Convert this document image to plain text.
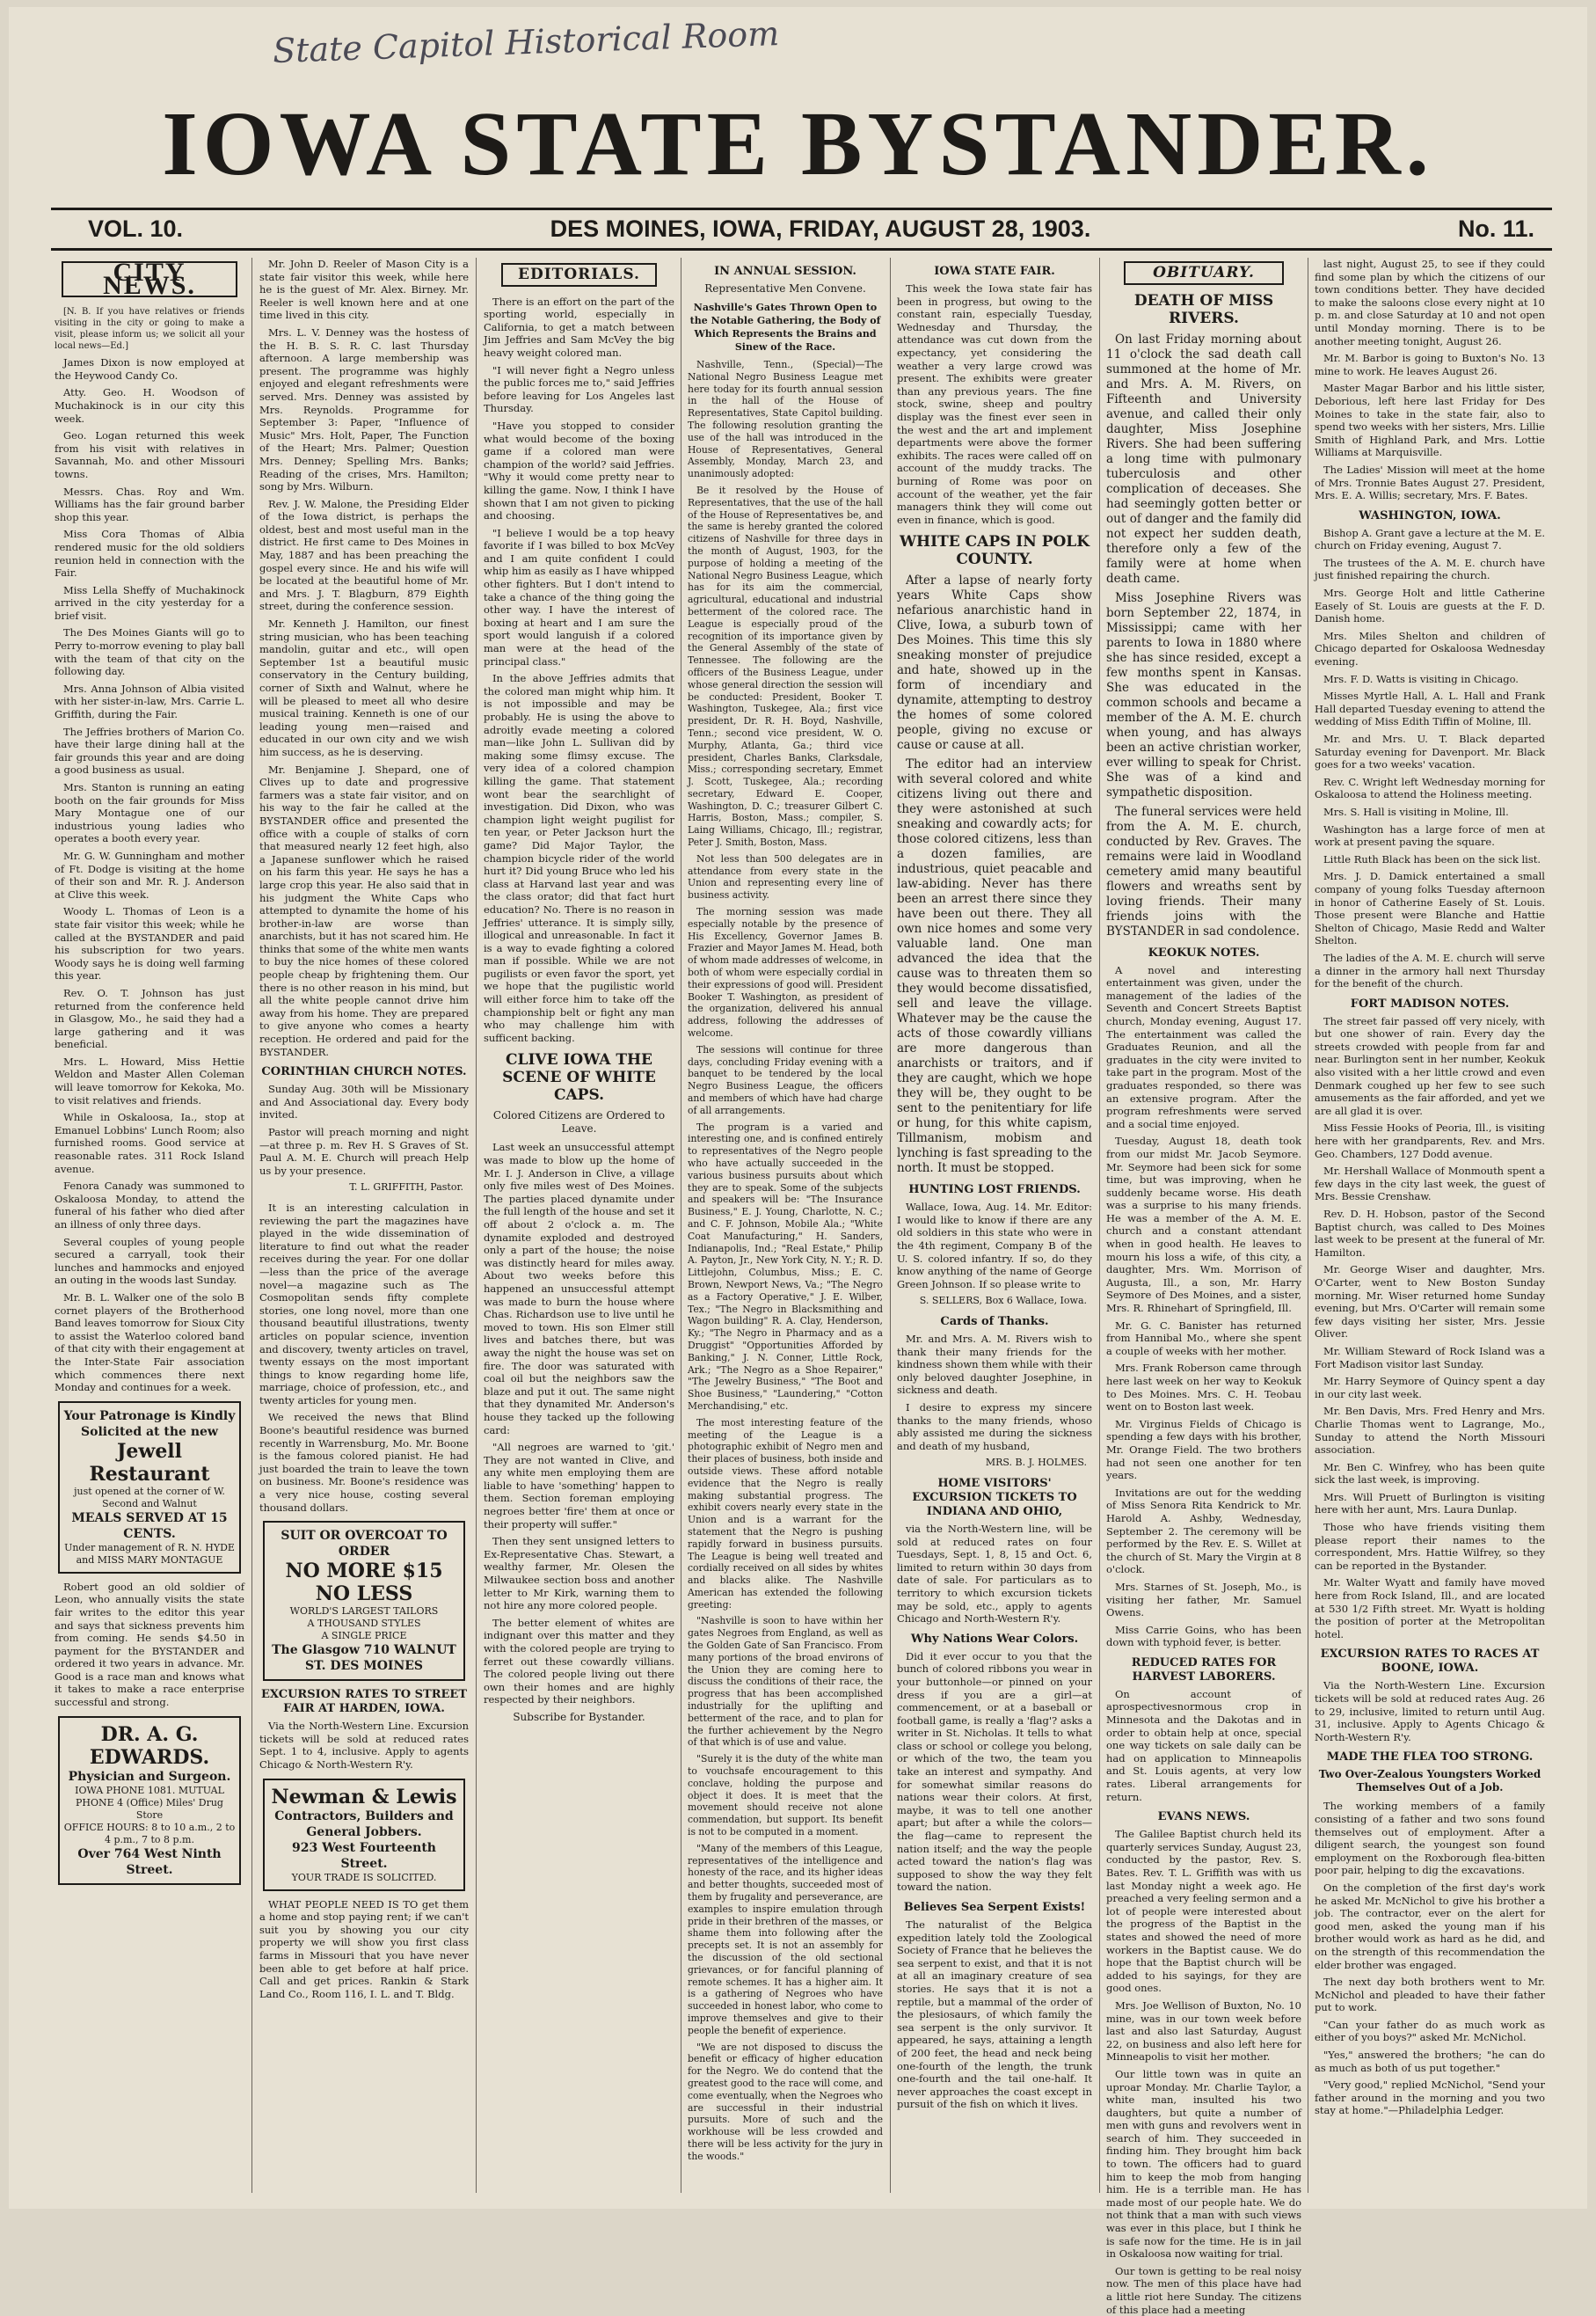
State Capitol Historical Room
IOWA STATE BYSTANDER.
VOL. 10.	DES MOINES, IOWA, FRIDAY, AUGUST 28, 1903.	No. 11.
CITY NEWS.

[N. B. If you have relatives or friends visiting in the city or going to make a visit, please inform us; we solicit all your local news—Ed.]

James Dixon is now employed at the Heywood Candy Co.

Atty. Geo. H. Woodson of Muchakinock is in our city this week.

Geo. Logan returned this week from his visit with relatives in Savannah, Mo. and other Missouri towns.

Messrs. Chas. Roy and Wm. Williams has the fair ground barber shop this year.

Miss Cora Thomas of Albia rendered music for the old soldiers reunion held in connection with the Fair.

Miss Lella Sheffy of Muchakinock arrived in the city yesterday for a brief visit.

The Des Moines Giants will go to Perry to-morrow evening to play ball with the team of that city on the following day.

Mrs. Anna Johnson of Albia visited with her sister-in-law, Mrs. Carrie L. Griffith, during the Fair.

The Jeffries brothers of Marion Co. have their large dining hall at the fair grounds this year and are doing a good business as usual.

Mrs. Stanton is running an eating booth on the fair grounds for Miss Mary Montague one of our industrious young ladies who operates a booth every year.

Mr. G. W. Gunningham and mother of Ft. Dodge is visiting at the home of their son and Mr. R. J. Anderson at Clive this week.

Woody L. Thomas of Leon is a state fair visitor this week; while he called at the BYSTANDER and paid his subscription for two years. Woody says he is doing well farming this year.

Rev. O. T. Johnson has just returned from the conference held in Glasgow, Mo., he said they had a large gathering and it was beneficial.

Mrs. L. Howard, Miss Hettie Weldon and Master Allen Coleman will leave tomorrow for Kekoka, Mo. to visit relatives and friends.

While in Oskaloosa, Ia., stop at Emanuel Lobbins' Lunch Room; also furnished rooms. Good service at reasonable rates. 311 Rock Island avenue.

Fenora Canady was summoned to Oskaloosa Monday, to attend the funeral of his father who died after an illness of only three days.

Several couples of young people secured a carryall, took their lunches and hammocks and enjoyed an outing in the woods last Sunday.

Mr. B. L. Walker one of the solo B cornet players of the Brotherhood Band leaves tomorrow for Sioux City to assist the Waterloo colored band of that city with their engagement at the Inter-State Fair association which commences there next Monday and continues for a week.

Your Patronage is Kindly Solicited at the new
Jewell Restaurant
just opened at the corner of W. Second and Walnut
MEALS SERVED AT 15 CENTS.
Under management of R. N. HYDE and MISS MARY MONTAGUE

Robert good an old soldier of Leon, who annually visits the state fair writes to the editor this year and says that sickness prevents him from coming. He sends $4.50 in payment for the BYSTANDER and ordered it two years in advance. Mr. Good is a race man and knows what it takes to make a race enterprise successful and strong.

DR. A. G. EDWARDS.
Physician and Surgeon.
IOWA PHONE 1081. MUTUAL PHONE 4 (Office) Miles' Drug Store
OFFICE HOURS: 8 to 10 a.m., 2 to 4 p.m., 7 to 8 p.m.
Over 764 West Ninth Street.

Mr. John D. Reeler of Mason City is a state fair visitor this week, while here he is the guest of Mr. Alex. Birney. Mr. Reeler is well known here and at one time lived in this city.

Mrs. L. V. Denney was the hostess of the H. B. S. R. C. last Thursday afternoon. A large membership was present. The programme was highly enjoyed and elegant refreshments were served. Mrs. Denney was assisted by Mrs. Reynolds. Programme for September 3: Paper, "Influence of Music" Mrs. Holt, Paper, The Function of the Heart; Mrs. Palmer; Question Mrs. Denney; Spelling Mrs. Banks; Reading of the crises, Mrs. Hamilton; song by Mrs. Wilburn.

Rev. J. W. Malone, the Presiding Elder of the Iowa district, is perhaps the oldest, best and most useful man in the district. He first came to Des Moines in May, 1887 and has been preaching the gospel every since. He and his wife will be located at the beautiful home of Mr. and Mrs. J. T. Blagburn, 879 Eighth street, during the conference session.

Mr. Kenneth J. Hamilton, our finest string musician, who has been teaching mandolin, guitar and etc., will open September 1st a beautiful music conservatory in the Century building, corner of Sixth and Walnut, where he will be pleased to meet all who desire musical training. Kenneth is one of our leading young men—raised and educated in our own city and we wish him success, as he is deserving.

Mr. Benjamine J. Shepard, one of Clives up to date and progressive farmers was a state fair visitor, and on his way to the fair he called at the BYSTANDER office and presented the office with a couple of stalks of corn that measured nearly 12 feet high, also a Japanese sunflower which he raised on his farm this year. He says he has a large crop this year. He also said that in his judgment the White Caps who attempted to dynamite the home of his brother-in-law are worse than anarchists, but it has not scared him. He thinks that some of the white men wants to buy the nice homes of these colored people cheap by frightening them. Our there is no other reason in his mind, but all the white people cannot drive him away from his home. They are prepared to give anyone who comes a hearty reception. He ordered and paid for the BYSTANDER.

CORINTHIAN CHURCH NOTES.

Sunday Aug. 30th will be Missionary and And Associational day. Every body invited.

Pastor will preach morning and night—at three p. m. Rev H. S Graves of St. Paul A. M. E. Church will preach Help us by your presence.

T. L. GRIFFITH, Pastor.

It is an interesting calculation in reviewing the part the magazines have played in the wide dissemination of literature to find out what the reader receives during the year. For one dollar—less than the price of the average novel—a magazine such as The Cosmopolitan sends fifty complete stories, one long novel, more than one thousand beautiful illustrations, twenty articles on popular science, invention and discovery, twenty articles on travel, twenty essays on the most important things to know regarding home life, marriage, choice of profession, etc., and twenty articles for young men.

We received the news that Blind Boone's beautiful residence was burned recently in Warrensburg, Mo. Mr. Boone is the famous colored pianist. He had just boarded the train to leave the town on business. Mr. Boone's residence was a very nice house, costing several thousand dollars.

SUIT OR OVERCOAT TO ORDER
NO MORE $15 NO LESS
WORLD'S LARGEST TAILORS
A THOUSAND STYLES
A SINGLE PRICE
The Glasgow 710 WALNUT ST. DES MOINES
EXCURSION RATES TO STREET FAIR AT HARDEN, IOWA.

Via the North-Western Line. Excursion tickets will be sold at reduced rates Sept. 1 to 4, inclusive. Apply to agents Chicago & North-Western R'y.

Newman & Lewis
Contractors, Builders and General Jobbers.
923 West Fourteenth Street.
YOUR TRADE IS SOLICITED.

WHAT PEOPLE NEED IS TO get them a home and stop paying rent; if we can't suit you by showing you our city property we will show you first class farms in Missouri that you have never been able to get before at half price. Call and get prices. Rankin & Stark Land Co., Room 116, I. L. and T. Bldg.

EDITORIALS.

There is an effort on the part of the sporting world, especially in California, to get a match between Jim Jeffries and Sam McVey the big heavy weight colored man.

"I will never fight a Negro unless the public forces me to," said Jeffries before leaving for Los Angeles last Thursday.

"Have you stopped to consider what would become of the boxing game if a colored man were champion of the world? said Jeffries. "Why it would come pretty near to killing the game. Now, I think I have shown that I am not given to picking and choosing.

"I believe I would be a top heavy favorite if I was billed to box McVey and I am quite confident I could whip him as easily as I have whipped other fighters. But I don't intend to take a chance of the thing going the other way. I have the interest of boxing at heart and I am sure the sport would languish if a colored man were at the head of the principal class."

In the above Jeffries admits that the colored man might whip him. It is not impossible and may be probably. He is using the above to adroitly evade meeting a colored man—like John L. Sullivan did by making some flimsy excuse. The very idea of a colored champion killing the game. That statement wont bear the searchlight of investigation. Did Dixon, who was champion light weight pugilist for ten year, or Peter Jackson hurt the game? Did Major Taylor, the champion bicycle rider of the world hurt it? Did young Bruce who led his class at Harvand last year and was the class orator; did that fact hurt education? No. There is no reason in Jeffries' utterance. It is simply silly, illogical and unreasonable. In fact it is a way to evade fighting a colored man if possible. While we are not pugilists or even favor the sport, yet we hope that the pugilistic world will either force him to take off the championship belt or fight any man who may challenge him with sufficent backing.

CLIVE IOWA THE SCENE OF WHITE CAPS.
Colored Citizens are Ordered to Leave.

Last week an unsuccessful attempt was made to blow up the home of Mr. I. J. Anderson in Clive, a village only five miles west of Des Moines. The parties placed dynamite under the full length of the house and set it off about 2 o'clock a. m. The dynamite exploded and destroyed only a part of the house; the noise was distinctly heard for miles away. About two weeks before this happened an unsuccessful attempt was made to burn the house where Chas. Richardson use to live until he moved to town. His son Elmer still lives and batches there, but was away the night the house was set on fire. The door was saturated with coal oil but the neighbors saw the blaze and put it out. The same night that they dynamited Mr. Anderson's house they tacked up the following card:

"All negroes are warned to 'git.' They are not wanted in Clive, and any white men employing them are liable to have 'something' happen to them. Section foreman employing negroes better 'fire' them at once or their property will suffer."

Then they sent unsigned letters to Ex-Representative Chas. Stewart, a wealthy farmer, Mr. Olesen the Milwaukee section boss and another letter to Mr Kirk, warning them to not hire any more colored people.

The better element of whites are indignant over this matter and they with the colored people are trying to ferret out these cowardly villians. The colored people living out there own their homes and are highly respected by their neighbors.

Subscribe for Bystander.
IN ANNUAL SESSION.
Representative Men Convene.
Nashville's Gates Thrown Open to the Notable Gathering, the Body of Which Represents the Brains and Sinew of the Race.

Nashville, Tenn., (Special)—The National Negro Business League met here today for its fourth annual session in the hall of the House of Representatives, State Capitol building. The following resolution granting the use of the hall was introduced in the House of Representatives, General Assembly, Monday, March 23, and unanimously adopted:

Be it resolved by the House of Representatives, that the use of the hall of the House of Representatives be, and the same is hereby granted the colored citizens of Nashville for three days in the month of August, 1903, for the purpose of holding a meeting of the National Negro Business League, which has for its aim the commercial, agricultural, educational and industrial betterment of the colored race. The League is especially proud of the recognition of its importance given by the General Assembly of the state of Tennessee. The following are the officers of the Business League, under whose general direction the session will be conducted: President, Booker T. Washington, Tuskegee, Ala.; first vice president, Dr. R. H. Boyd, Nashville, Tenn.; second vice president, W. O. Murphy, Atlanta, Ga.; third vice president, Charles Banks, Clarksdale, Miss.; corresponding secretary, Emmet J. Scott, Tuskegee, Ala.; recording secretary, Edward E. Cooper, Washington, D. C.; treasurer Gilbert C. Harris, Boston, Mass.; compiler, S. Laing Williams, Chicago, Ill.; registrar, Peter J. Smith, Boston, Mass.

Not less than 500 delegates are in attendance from every state in the Union and representing every line of business activity.

The morning session was made especially notable by the presence of His Excellency, Governor James B. Frazier and Mayor James M. Head, both of whom made addresses of welcome, in both of whom were especially cordial in their expressions of good will. President Booker T. Washington, as president of the organization, delivered his annual address, following the addresses of welcome.

The sessions will continue for three days, concluding Friday evening with a banquet to be tendered by the local Negro Business League, the officers and members of which have had charge of all arrangements.

The program is a varied and interesting one, and is confined entirely to representatives of the Negro people who have actually succeeded in the various business pursuits about which they are to speak. Some of the subjects and speakers will be: "The Insurance Business," E. J. Young, Charlotte, N. C.; and C. F. Johnson, Mobile Ala.; "White Coat Manufacturing," H. Sanders, Indianapolis, Ind.; "Real Estate," Philip A. Payton, Jr., New York City, N. Y.; R. D. Littlejohn, Columbus, Miss.; E. C. Brown, Newport News, Va.; "The Negro as a Factory Operative," J. E. Wilber, Tex.; "The Negro in Blacksmithing and Wagon building" R. A. Clay, Henderson, Ky.; "The Negro in Pharmacy and as a Druggist" "Opportunities Afforded by Banking," J. N. Conner, Little Rock, Ark.; "The Negro as a Shoe Repairer," "The Jewelry Business," "The Boot and Shoe Business," "Laundering," "Cotton Merchandising," etc.

The most interesting feature of the meeting of the League is a photographic exhibit of Negro men and their places of business, both inside and outside views. These afford notable evidence that the Negro is really making substantial progress. The exhibit covers nearly every state in the Union and is a warrant for the statement that the Negro is pushing rapidly forward in business pursuits. The League is being well treated and cordially received on all sides by whites and blacks alike. The Nashville American has extended the following greeting:

"Nashville is soon to have within her gates Negroes from England, as well as the Golden Gate of San Francisco. From many portions of the broad environs of the Union they are coming here to discuss the conditions of their race, the progress that has been accomplished industrially for the uplifting and betterment of the race, and to plan for the further achievement by the Negro of that which is of use and value.

"Surely it is the duty of the white man to vouchsafe encouragement to this conclave, holding the purpose and object it does. It is meet that the movement should receive not alone commendation, but support. Its benefit is not to be computed in a moment.

"Many of the members of this League, representatives of the intelligence and honesty of the race, and its higher ideas and better thoughts, succeeded most of them by frugality and perseverance, are examples to inspire emulation through pride in their brethren of the masses, or shame them into following after the precepts set. It is not an assembly for the discussion of the old sectional grievances, or for fanciful planning of remote schemes. It has a higher aim. It is a gathering of Negroes who have succeeded in honest labor, who come to improve themselves and give to their people the benefit of experience.

"We are not disposed to discuss the benefit or efficacy of higher education for the Negro. We do contend that the greatest good to the race will come, and come eventually, when the Negroes who are successful in their industrial pursuits. More of such and the workhouse will be less crowded and there will be less activity for the jury in the woods."

IOWA STATE FAIR.

This week the Iowa state fair has been in progress, but owing to the constant rain, especially Tuesday, Wednesday and Thursday, the attendance was cut down from the expectancy, yet considering the weather a very large crowd was present. The exhibits were greater than any previous years. The fine stock, swine, sheep and poultry display was the finest ever seen in the west and the art and implement departments were above the former exhibits. The races were called off on account of the muddy tracks. The burning of Rome was poor on account of the weather, yet the fair managers think they will come out even in finance, which is good.

WHITE CAPS IN POLK COUNTY.

After a lapse of nearly forty years White Caps show nefarious anarchistic hand in Clive, Iowa, a suburb town of Des Moines. This time this sly sneaking monster of prejudice and hate, showed up in the form of incendiary and dynamite, attempting to destroy the homes of some colored people, giving no excuse or cause or cause at all.

The editor had an interview with several colored and white citizens living out there and they were astonished at such sneaking and cowardly acts; for those colored citizens, less than a dozen families, are industrious, quiet peacable and law-abiding. Never has there been an arrest there since they have been out there. They all own nice homes and some very valuable land. One man advanced the idea that the cause was to threaten them so they would become dissatisfied, sell and leave the village. Whatever may be the cause the acts of those cowardly villians are more dangerous than anarchists or traitors, and if they are caught, which we hope they will be, they ought to be sent to the penitentiary for life or hung, for this white capism, Tillmanism, mobism and lynching is fast spreading to the north. It must be stopped.

HUNTING LOST FRIENDS.

Wallace, Iowa, Aug. 14. Mr. Editor: I would like to know if there are any old soldiers in this state who were in the 4th regiment, Company B of the U. S. colored infantry. If so, do they know anything of the name of George Green Johnson. If so please write to

S. SELLERS, Box 6 Wallace, Iowa.
Cards of Thanks.

Mr. and Mrs. A. M. Rivers wish to thank their many friends for the kindness shown them while with their only beloved daughter Josephine, in sickness and death.

I desire to express my sincere thanks to the many friends, whoso ably assisted me during the sickness and death of my husband,

MRS. B. J. HOLMES.
HOME VISITORS' EXCURSION TICKETS TO INDIANA AND OHIO,

via the North-Western line, will be sold at reduced rates on four Tuesdays, Sept. 1, 8, 15 and Oct. 6, limited to return within 30 days from date of sale. For particulars as to territory to which excursion tickets may be sold, etc., apply to agents Chicago and North-Western R'y.

Why Nations Wear Colors.

Did it ever occur to you that the bunch of colored ribbons you wear in your buttonhole—or pinned on your dress if you are a girl—at commencement, or at a baseball or football game, is really a 'flag'? asks a writer in St. Nicholas. It tells to what class or school or college you belong, or which of the two, the team you take an interest and sympathy. And for somewhat similar reasons do nations wear their colors. At first, maybe, it was to tell one another apart; but after a while the colors—the flag—came to represent the nation itself; and the way the people acted toward the nation's flag was supposed to show the way they felt toward the nation.

Believes Sea Serpent Exists!

The naturalist of the Belgica expedition lately told the Zoological Society of France that he believes the sea serpent to exist, and that it is not at all an imaginary creature of sea stories. He says that it is not a reptile, but a mammal of the order of the plesiosaurs, of which family the sea serpent is the only survivor. It appeared, he says, attaining a length of 200 feet, the head and neck being one-fourth of the length, the trunk one-fourth and the tail one-half. It never approaches the coast except in pursuit of the fish on which it lives.

OBITUARY.
DEATH OF MISS RIVERS.

On last Friday morning about 11 o'clock the sad death call summoned at the home of Mr. and Mrs. A. M. Rivers, on Fifteenth and University avenue, and called their only daughter, Miss Josephine Rivers. She had been suffering a long time with pulmonary tuberculosis and other complication of deceases. She had seemingly gotten better or out of danger and the family did not expect her sudden death, therefore only a few of the family were at home when death came.

Miss Josephine Rivers was born September 22, 1874, in Mississippi; came with her parents to Iowa in 1880 where she has since resided, except a few months spent in Kansas. She was educated in the common schools and became a member of the A. M. E. church when young, and has always been an active christian worker, ever willing to speak for Christ. She was of a kind and sympathetic disposition.

The funeral services were held from the A. M. E. church, conducted by Rev. Graves. The remains were laid in Woodland cemetery amid many beautiful flowers and wreaths sent by loving friends. Their many friends joins with the BYSTANDER in sad condolence.

KEOKUK NOTES.

A novel and interesting entertainment was given, under the management of the ladies of the Seventh and Concert Streets Baptist church, Monday evening, August 17. The entertainment was called the Graduates Reunion, and all the graduates in the city were invited to take part in the program. Most of the graduates responded, so there was an extensive program. After the program refreshments were served and a social time enjoyed.

Tuesday, August 18, death took from our midst Mr. Jacob Seymore. Mr. Seymore had been sick for some time, but was improving, when he suddenly became worse. His death was a surprise to his many friends. He was a member of the A. M. E. church and a constant attendant when in good health. He leaves to mourn his loss a wife, of this city, a daughter, Mrs. Wm. Morrison of Augusta, Ill., a son, Mr. Harry Seymore of Des Moines, and a sister, Mrs. R. Rhinehart of Springfield, Ill.

Mr. G. C. Banister has returned from Hannibal Mo., where she spent a couple of weeks with her mother.

Mrs. Frank Roberson came through here last week on her way to Keokuk to Des Moines. Mrs. C. H. Teobau went on to Boston last week.

Mr. Virginus Fields of Chicago is spending a few days with his brother, Mr. Orange Field. The two brothers had not seen one another for ten years.

Invitations are out for the wedding of Miss Senora Rita Kendrick to Mr. Harold A. Ashby, Wednesday, September 2. The ceremony will be performed by the Rev. E. S. Willet at the church of St. Mary the Virgin at 8 o'clock.

Mrs. Starnes of St. Joseph, Mo., is visiting her father, Mr. Samuel Owens.

Miss Carrie Goins, who has been down with typhoid fever, is better.

REDUCED RATES FOR HARVEST LABORERS.

On account of aprospectivesnormous crop in Minnesota and the Dakotas and in order to obtain help at once, special one way tickets on sale daily can be had on application to Minneapolis and St. Louis agents, at very low rates. Liberal arrangements for return.

EVANS NEWS.

The Galilee Baptist church held its quarterly services Sunday, August 23, conducted by the pastor, Rev. S. Bates. Rev. T. L. Griffith was with us last Monday night a week ago. He preached a very feeling sermon and a lot of people were interested about the progress of the Baptist in the states and showed the need of more workers in the Baptist cause. We do hope that the Baptist church will be added to his sayings, for they are good ones.

Mrs. Joe Wellison of Buxton, No. 10 mine, was in our town week before last and also last Saturday, August 22, on business and also left here for Minneapolis to visit her mother.

Our little town was in quite an uproar Monday. Mr. Charlie Taylor, a white man, insulted his two daughters, but quite a number of men with guns and revolvers went in search of him. They succeeded in finding him. They brought him back to town. The officers had to guard him to keep the mob from hanging him. He is a terrible man. He has made most of our people hate. We do not think that a man with such views was ever in this place, but I think he is safe now for the time. He is in jail in Oskaloosa now waiting for trial.

Our town is getting to be real noisy now. The men of this place have had a little riot here Sunday. The citizens of this place had a meeting

last night, August 25, to see if they could find some plan by which the citizens of our town conditions better. They have decided to make the saloons close every night at 10 p. m. and close Saturday at 10 and not open until Monday morning. There is to be another meeting tonight, August 26.

Mr. M. Barbor is going to Buxton's No. 13 mine to work. He leaves August 26.

Master Magar Barbor and his little sister, Deborious, left here last Friday for Des Moines to take in the state fair, also to spend two weeks with her sisters, Mrs. Lillie Smith of Highland Park, and Mrs. Lottie Williams at Marquisville.

The Ladies' Mission will meet at the home of Mrs. Tronnie Bates August 27. President, Mrs. E. A. Willis; secretary, Mrs. F. Bates.

WASHINGTON, IOWA.

Bishop A. Grant gave a lecture at the M. E. church on Friday evening, August 7.

The trustees of the A. M. E. church have just finished repairing the church.

Mrs. George Holt and little Catherine Easely of St. Louis are guests at the F. D. Danish home.

Mrs. Miles Shelton and children of Chicago departed for Oskaloosa Wednesday evening.

Mrs. F. D. Watts is visiting in Chicago.

Misses Myrtle Hall, A. L. Hall and Frank Hall departed Tuesday evening to attend the wedding of Miss Edith Tiffin of Moline, Ill.

Mr. and Mrs. U. T. Black departed Saturday evening for Davenport. Mr. Black goes for a two weeks' vacation.

Rev. C. Wright left Wednesday morning for Oskaloosa to attend the Holiness meeting.

Mrs. S. Hall is visiting in Moline, Ill.

Washington has a large force of men at work at present paving the square.

Little Ruth Black has been on the sick list.

Mrs. J. D. Damick entertained a small company of young folks Tuesday afternoon in honor of Catherine Easely of St. Louis. Those present were Blanche and Hattie Shelton of Chicago, Masie Redd and Walter Shelton.

The ladies of the A. M. E. church will serve a dinner in the armory hall next Thursday for the benefit of the church.

FORT MADISON NOTES.

The street fair passed off very nicely, with but one shower of rain. Every day the streets crowded with people from far and near. Burlington sent in her number, Keokuk also visited with a her little crowd and even Denmark coughed up her few to see such amusements as the fair afforded, and yet we are all glad it is over.

Miss Fessie Hooks of Peoria, Ill., is visiting here with her grandparents, Rev. and Mrs. Geo. Chambers, 127 Dodd avenue.

Mr. Hershall Wallace of Monmouth spent a few days in the city last week, the guest of Mrs. Bessie Crenshaw.

Rev. D. H. Hobson, pastor of the Second Baptist church, was called to Des Moines last week to be present at the funeral of Mr. Hamilton.

Mr. George Wiser and daughter, Mrs. O'Carter, went to New Boston Sunday morning. Mr. Wiser returned home Sunday evening, but Mrs. O'Carter will remain some few days visiting her sister, Mrs. Jessie Oliver.

Mr. William Steward of Rock Island was a Fort Madison visitor last Sunday.

Mr. Harry Seymore of Quincy spent a day in our city last week.

Mr. Ben Davis, Mrs. Fred Henry and Mrs. Charlie Thomas went to Lagrange, Mo., Sunday to attend the North Missouri association.

Mr. Ben C. Winfrey, who has been quite sick the last week, is improving.

Mrs. Will Pruett of Burlington is visiting here with her aunt, Mrs. Laura Dunlap.

Those who have friends visiting them please report their names to the correspondent, Mrs. Hattie Wilfrey, so they can be reported in the Bystander.

Mr. Walter Wyatt and family have moved here from Rock Island, Ill., and are located at 530 1/2 Fifth street. Mr. Wyatt is holding the position of porter at the Metropolitan hotel.

EXCURSION RATES TO RACES AT BOONE, IOWA.

Via the North-Western Line. Excursion tickets will be sold at reduced rates Aug. 26 to 29, inclusive, limited to return until Aug. 31, inclusive. Apply to Agents Chicago & North-Western R'y.

MADE THE FLEA TOO STRONG.
Two Over-Zealous Youngsters Worked Themselves Out of a Job.

The working members of a family consisting of a father and two sons found themselves out of employment. After a diligent search, the youngest son found employment on the Roxborough flea-bitten poor pair, helping to dig the excavations.

On the completion of the first day's work he asked Mr. McNichol to give his brother a job. The contractor, ever on the alert for good men, asked the young man if his brother would work as hard as he did, and on the strength of this recommendation the elder brother was engaged.

The next day both brothers went to Mr. McNichol and pleaded to have their father put to work.

"Can your father do as much work as either of you boys?" asked Mr. McNichol.

"Yes," answered the brothers; "he can do as much as both of us put together."

"Very good," replied McNichol, "Send your father around in the morning and you two stay at home."—Philadelphia Ledger.
